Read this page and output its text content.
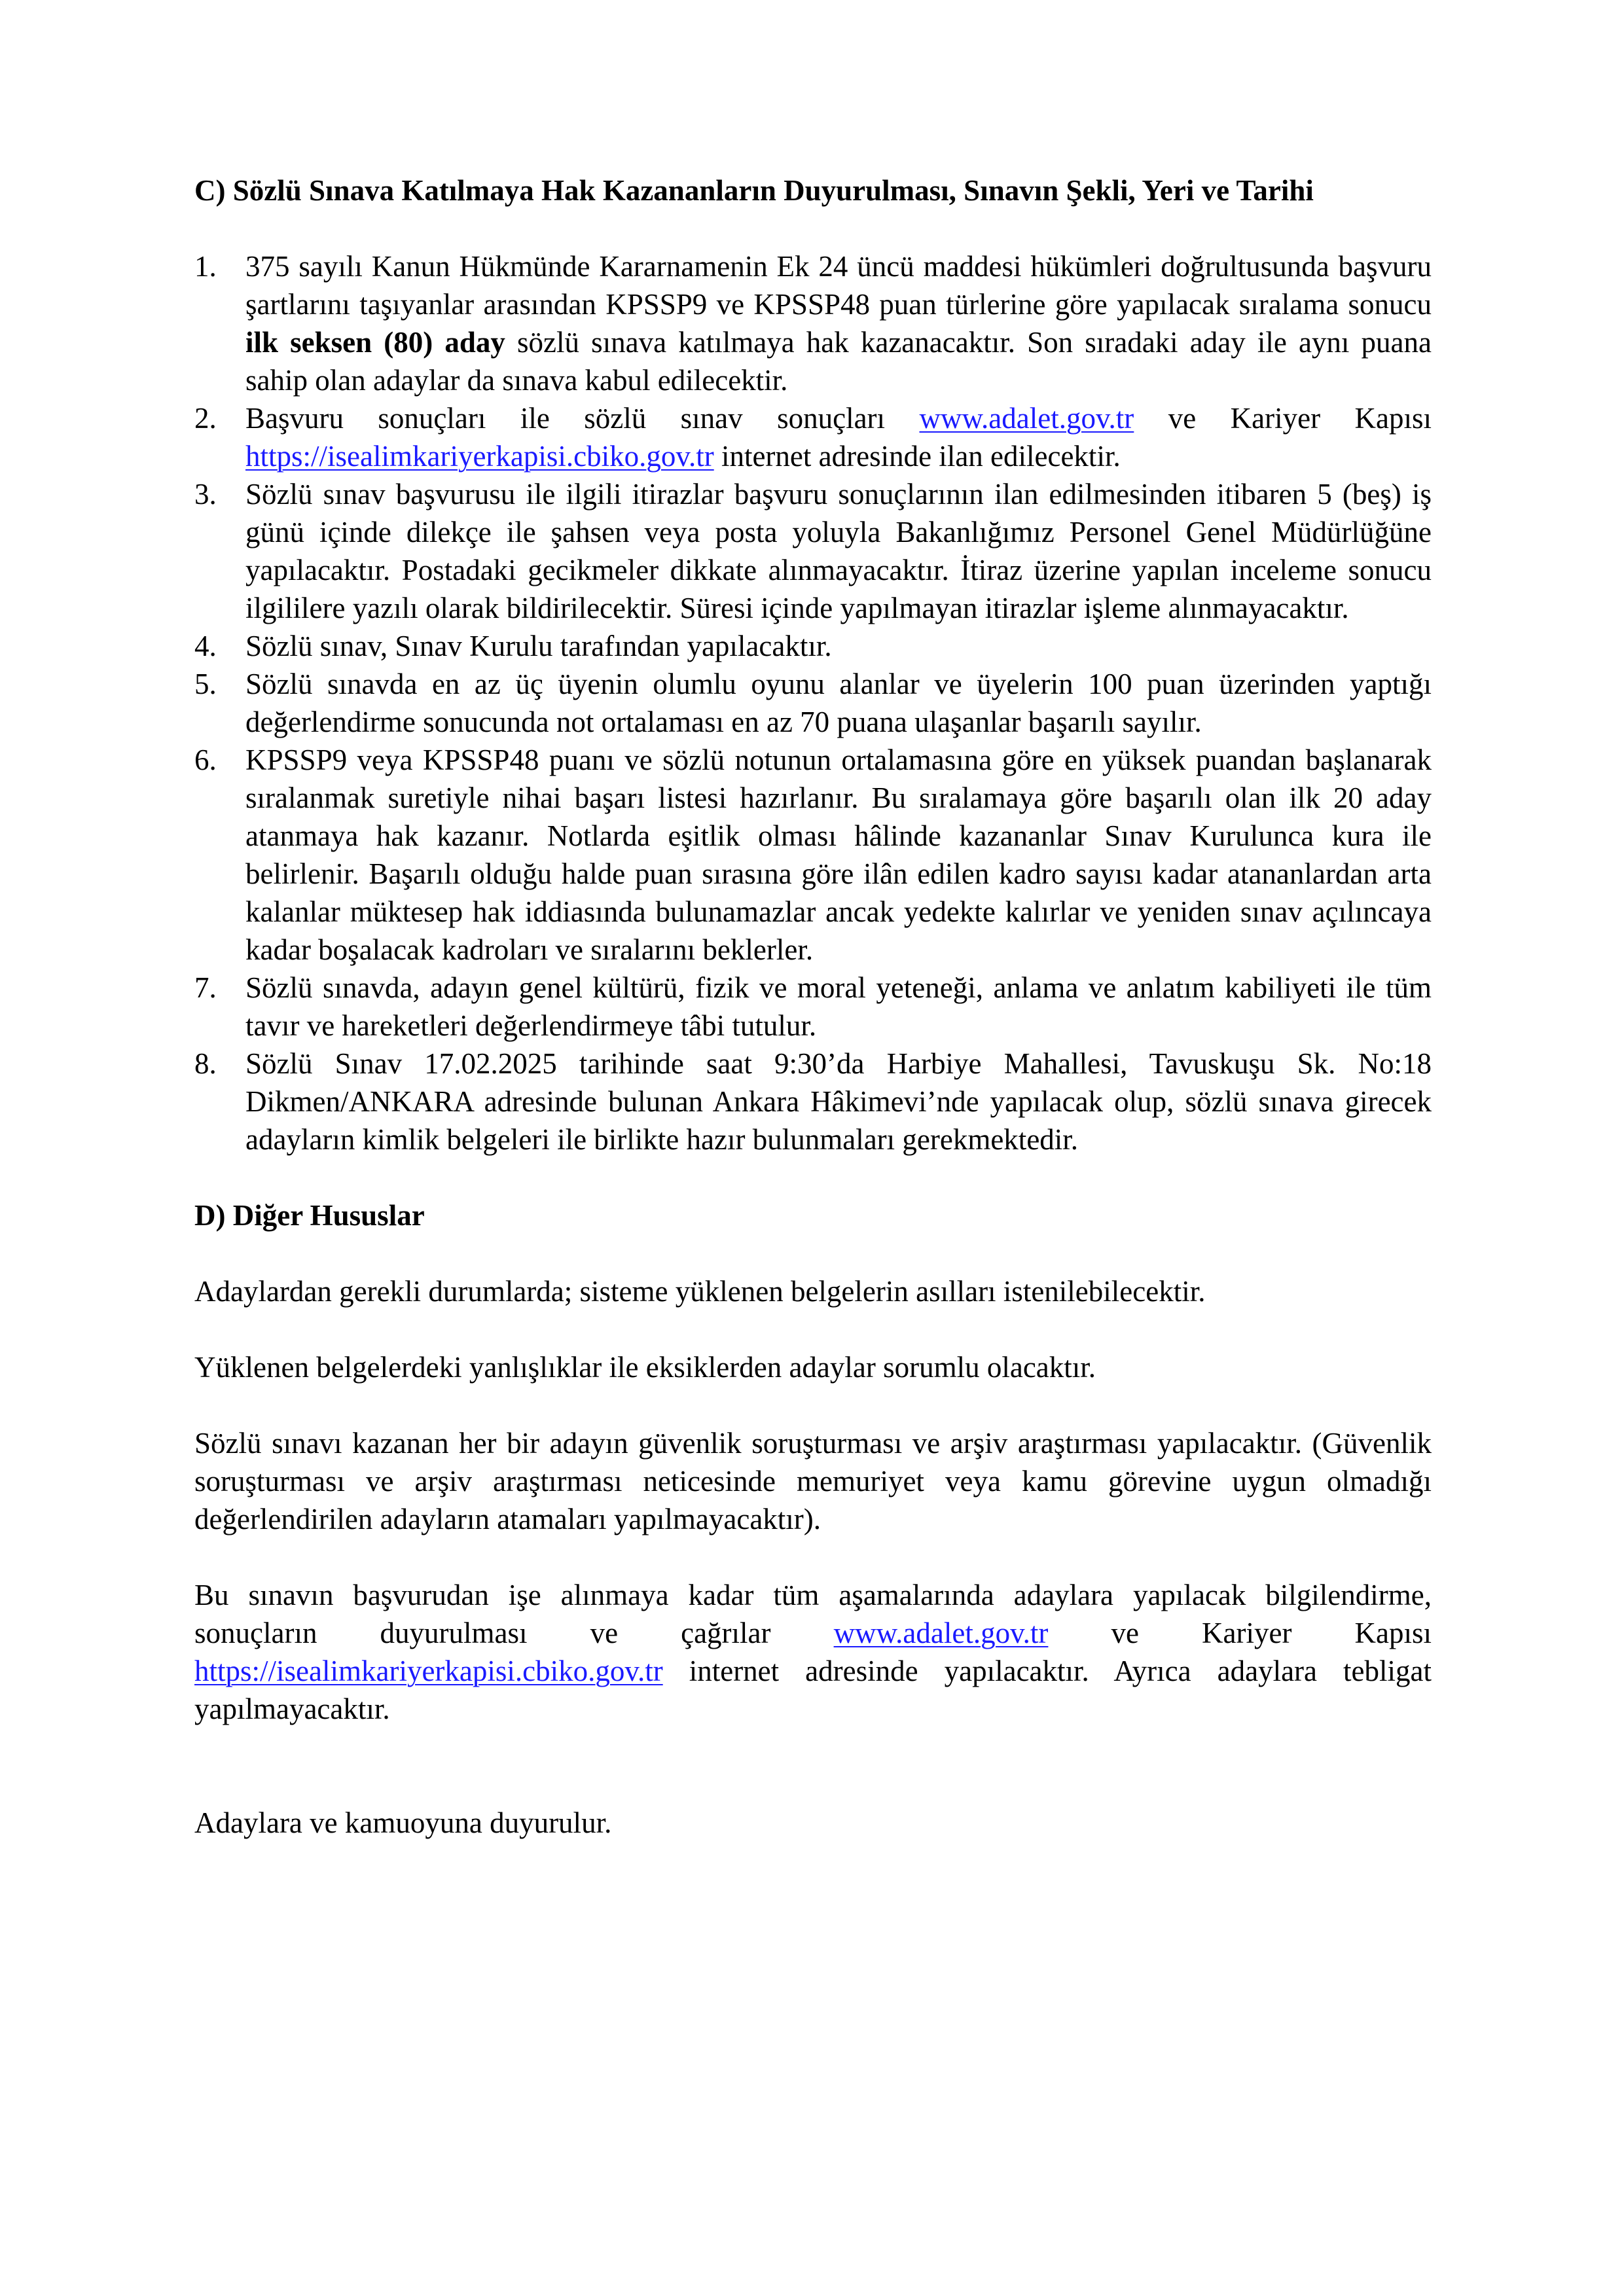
C) Sözlü Sınava Katılmaya Hak Kazananların Duyurulması, Sınavın Şekli, Yeri ve Tarihi

1. 375 sayılı Kanun Hükmünde Kararnamenin Ek 24 üncü maddesi hükümleri doğrultusunda başvuru şartlarını taşıyanlar arasından KPSSP9 ve KPSSP48 puan türlerine göre yapılacak sıralama sonucu ilk seksen (80) aday sözlü sınava katılmaya hak kazanacaktır. Son sıradaki aday ile aynı puana sahip olan adaylar da sınava kabul edilecektir.
2. Başvuru sonuçları ile sözlü sınav sonuçları www.adalet.gov.tr ve Kariyer Kapısı https://isealimkariyerkapisi.cbiko.gov.tr internet adresinde ilan edilecektir.
3. Sözlü sınav başvurusu ile ilgili itirazlar başvuru sonuçlarının ilan edilmesinden itibaren 5 (beş) iş günü içinde dilekçe ile şahsen veya posta yoluyla Bakanlığımız Personel Genel Müdürlüğüne yapılacaktır. Postadaki gecikmeler dikkate alınmayacaktır. İtiraz üzerine yapılan inceleme sonucu ilgililere yazılı olarak bildirilecektir. Süresi içinde yapılmayan itirazlar işleme alınmayacaktır.
4. Sözlü sınav, Sınav Kurulu tarafından yapılacaktır.
5. Sözlü sınavda en az üç üyenin olumlu oyunu alanlar ve üyelerin 100 puan üzerinden yaptığı değerlendirme sonucunda not ortalaması en az 70 puana ulaşanlar başarılı sayılır.
6. KPSSP9 veya KPSSP48 puanı ve sözlü notunun ortalamasına göre en yüksek puandan başlanarak sıralanmak suretiyle nihai başarı listesi hazırlanır. Bu sıralamaya göre başarılı olan ilk 20 aday atanmaya hak kazanır. Notlarda eşitlik olması hâlinde kazananlar Sınav Kurulunca kura ile belirlenir. Başarılı olduğu halde puan sırasına göre ilân edilen kadro sayısı kadar atananlardan arta kalanlar müktesep hak iddiasında bulunamazlar ancak yedekte kalırlar ve yeniden sınav açılıncaya kadar boşalacak kadroları ve sıralarını beklerler.
7. Sözlü sınavda, adayın genel kültürü, fizik ve moral yeteneği, anlama ve anlatım kabiliyeti ile tüm tavır ve hareketleri değerlendirmeye tâbi tutulur.
8. Sözlü Sınav 17.02.2025 tarihinde saat 9:30’da Harbiye Mahallesi, Tavuskuşu Sk. No:18 Dikmen/ANKARA adresinde bulunan Ankara Hâkimevi’nde yapılacak olup, sözlü sınava girecek adayların kimlik belgeleri ile birlikte hazır bulunmaları gerekmektedir.

D) Diğer Hususlar

Adaylardan gerekli durumlarda; sisteme yüklenen belgelerin asılları istenilebilecektir.

Yüklenen belgelerdeki yanlışlıklar ile eksiklerden adaylar sorumlu olacaktır.

Sözlü sınavı kazanan her bir adayın güvenlik soruşturması ve arşiv araştırması yapılacaktır. (Güvenlik soruşturması ve arşiv araştırması neticesinde memuriyet veya kamu görevine uygun olmadığı değerlendirilen adayların atamaları yapılmayacaktır).

Bu sınavın başvurudan işe alınmaya kadar tüm aşamalarında adaylara yapılacak bilgilendirme, sonuçların duyurulması ve çağrılar www.adalet.gov.tr ve Kariyer Kapısı https://isealimkariyerkapisi.cbiko.gov.tr internet adresinde yapılacaktır. Ayrıca adaylara tebligat yapılmayacaktır.

Adaylara ve kamuoyuna duyurulur.
